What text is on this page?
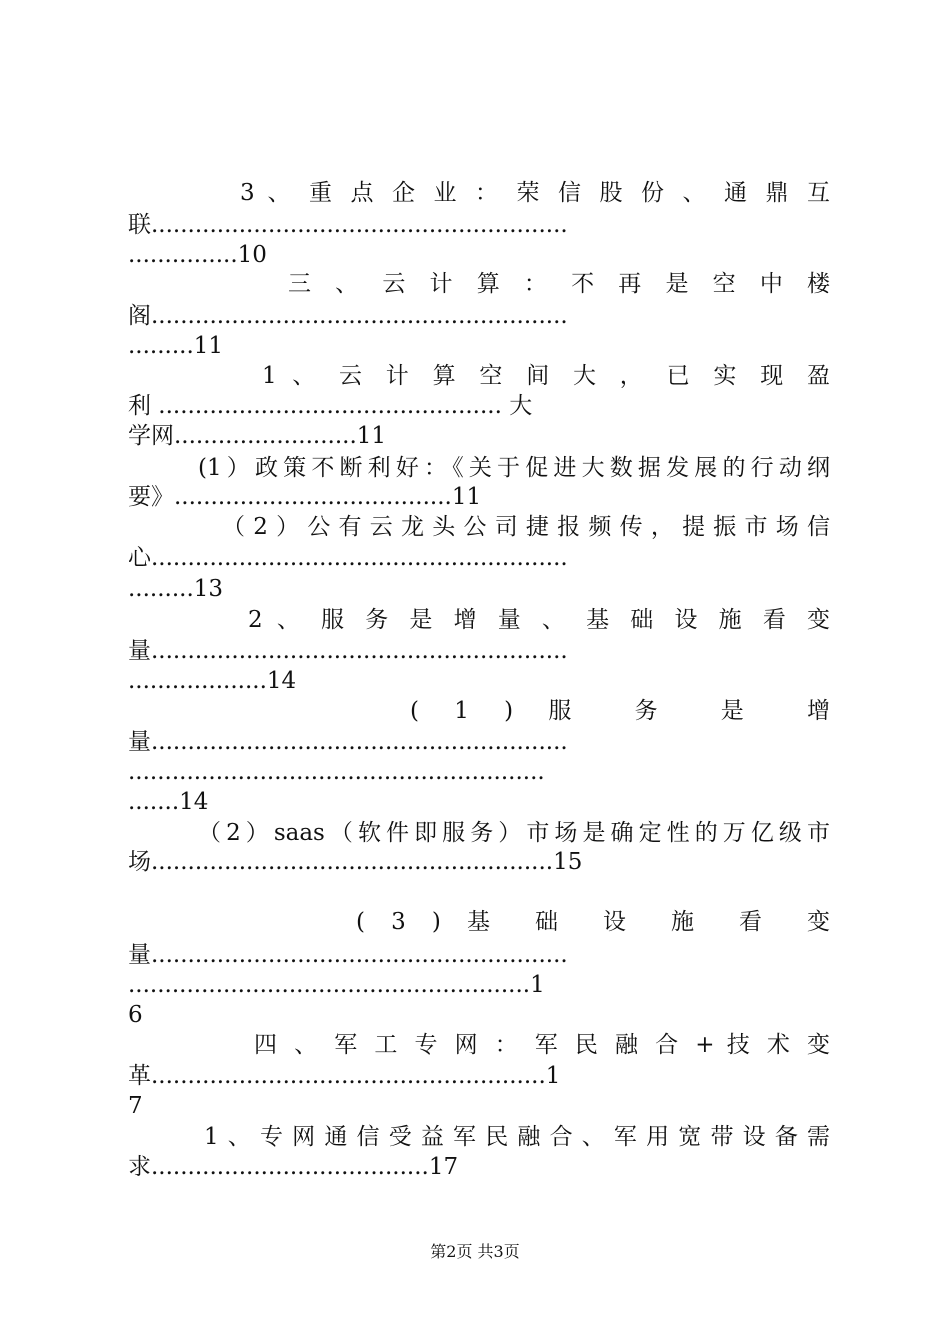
3 、 重 点 企 业 ： 荣 信 股 份 、 通 鼎 互
联.........................................................
...............10
三 、 云 计 算 ： 不 再 是 空 中 楼
阁.........................................................
.........11
1 、 云 计 算 空 间 大 ， 已 实 现 盈
利 ............................................... 大
学网.........................11
(1）政策不断利好：《关于促进大数据发展的行动纲
要》......................................11
（2）公有云龙头公司捷报频传，提振市场信
心.........................................................
.........13
2 、 服 务 是 增 量 、 基 础 设 施 看 变
量.........................................................
...................14
( 1 ) 服 务 是 增
量.........................................................
.........................................................
.......14
（2）saas（软件即服务）市场是确定性的万亿级市
场.......................................................15
( 3 ) 基 础 设 施 看 变
量.........................................................
.......................................................1
6
四 、 军 工 专 网 ： 军 民 融 合 + 技 术 变
革......................................................1
7
1、专网通信受益军民融合、军用宽带设备需
求......................................17
第2页 共3页
